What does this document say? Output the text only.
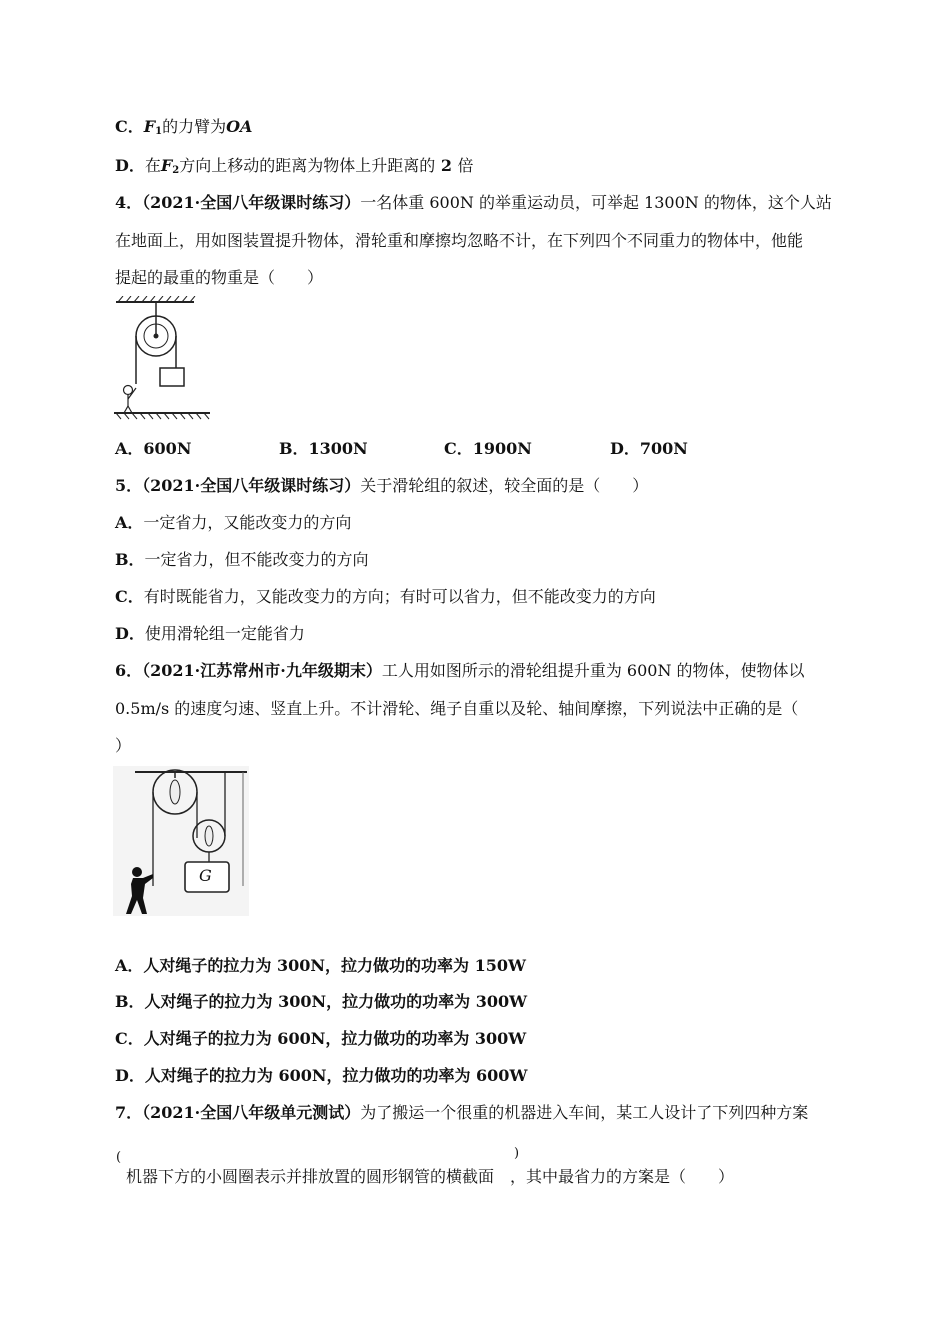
C．$F_1$的力臂为OA
D．在$F_2$方向上移动的距离为物体上升距离的 2 倍
4．（2021·全国八年级课时练习）一名体重 600N 的举重运动员，可举起 1300N 的物体，这个人站
在地面上，用如图装置提升物体，滑轮重和摩擦均忽略不计，在下列四个不同重力的物体中，他能
提起的最重的物重是（　　）
A．600N	B．1300N	C．1900N	D．700N
5．（2021·全国八年级课时练习）关于滑轮组的叙述，较全面的是（　　）
A．一定省力，又能改变力的方向
B．一定省力，但不能改变力的方向
C．有时既能省力，又能改变力的方向；有时可以省力，但不能改变力的方向
D．使用滑轮组一定能省力
6．（2021·江苏常州市·九年级期末）工人用如图所示的滑轮组提升重为 600N 的物体，使物体以
0.5m/s 的速度匀速、竖直上升。不计滑轮、绳子自重以及轮、轴间摩擦，下列说法中正确的是（
）
G
A．人对绳子的拉力为 300N，拉力做功的功率为 150W
B．人对绳子的拉力为 300N，拉力做功的功率为 300W
C．人对绳子的拉力为 600N，拉力做功的功率为 300W
D．人对绳子的拉力为 600N，拉力做功的功率为 600W
7．（2021·全国八年级单元测试）为了搬运一个很重的机器进入车间，某工人设计了下列四种方案
(	)
机器下方的小圆圈表示并排放置的圆形钢管的横截面 ，其中最省力的方案是（　　）
